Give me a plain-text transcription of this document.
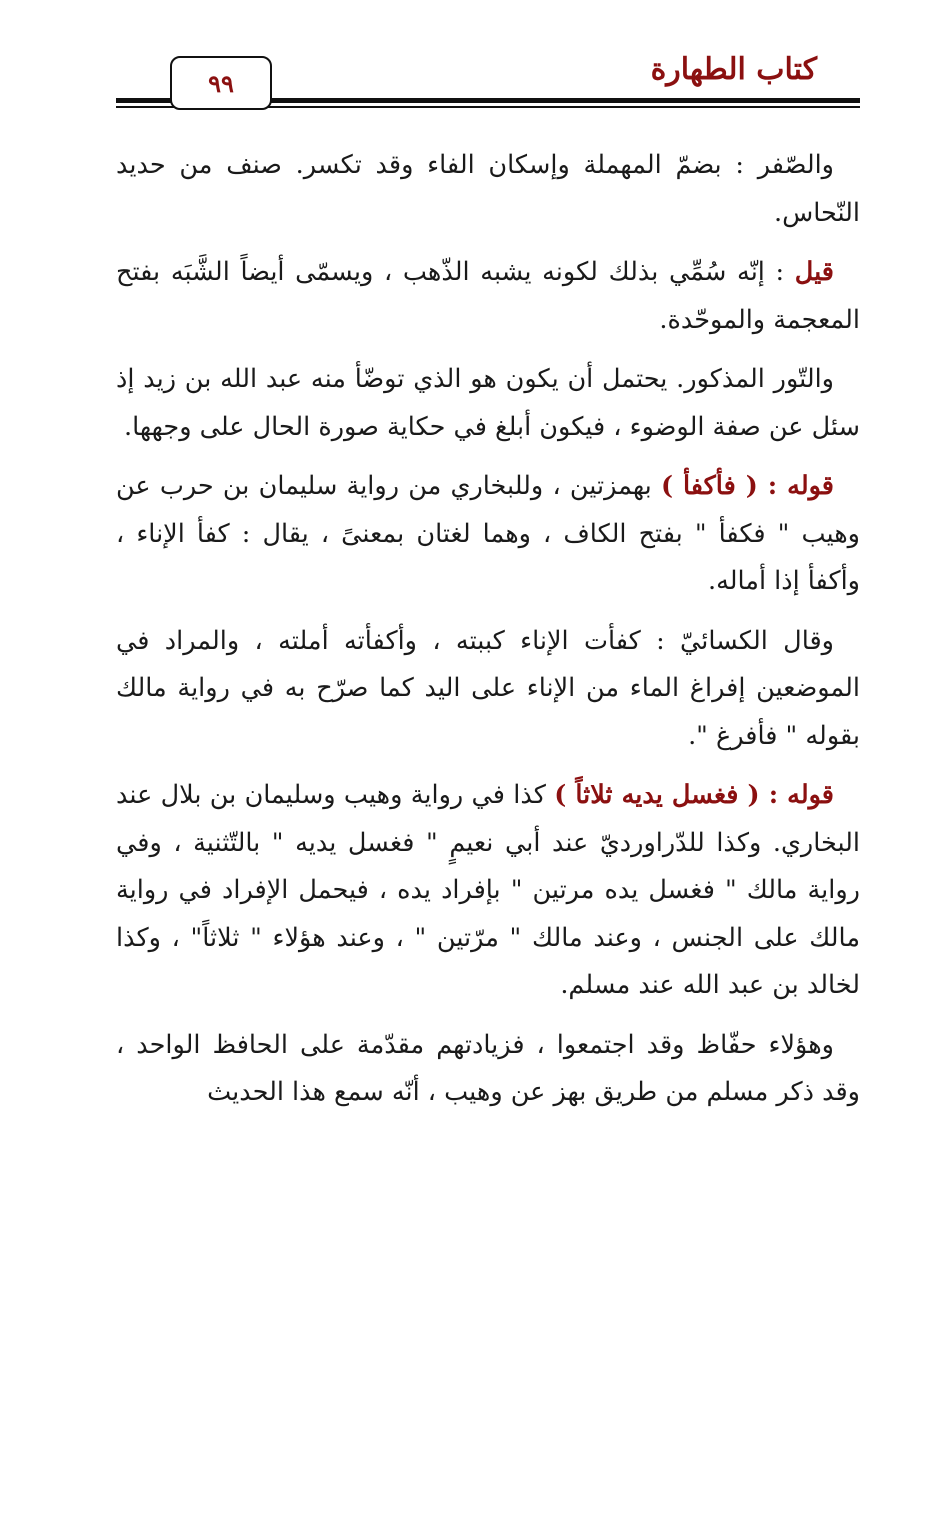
كتاب الطهارة
٩٩

والصّفر : بضمّ المهملة وإسكان الفاء وقد تكسر. صنف من حديد النّحاس.

قيل : إنّه سُمِّي بذلك لكونه يشبه الذّهب ، ويسمّى أيضاً الشَّبَه بفتح المعجمة والموحّدة.

والتّور المذكور. يحتمل أن يكون هو الذي توضّأ منه عبد الله بن زيد إذ سئل عن صفة الوضوء ، فيكون أبلغ في حكاية صورة الحال على وجهها.

قوله : ( فأكفأ ) بهمزتين ، وللبخاري من رواية سليمان بن حرب عن وهيب " فكفأ " بفتح الكاف ، وهما لغتان بمعنىً ، يقال : كفأ الإناء ، وأكفأ إذا أماله.

وقال الكسائيّ : كفأت الإناء كببته ، وأكفأته أملته ، والمراد في الموضعين إفراغ الماء من الإناء على اليد كما صرّح به في رواية مالك بقوله " فأفرغ ".

قوله : ( فغسل يديه ثلاثاً ) كذا في رواية وهيب وسليمان بن بلال عند البخاري. وكذا للدّراورديّ عند أبي نعيمٍ " فغسل يديه " بالتّثنية ، وفي رواية مالك " فغسل يده مرتين " بإفراد يده ، فيحمل الإفراد في رواية مالك على الجنس ، وعند مالك " مرّتين " ، وعند هؤلاء " ثلاثاً" ، وكذا لخالد بن عبد الله عند مسلم.

وهؤلاء حفّاظ وقد اجتمعوا ، فزيادتهم مقدّمة على الحافظ الواحد ، وقد ذكر مسلم من طريق بهز عن وهيب ، أنّه سمع هذا الحديث
